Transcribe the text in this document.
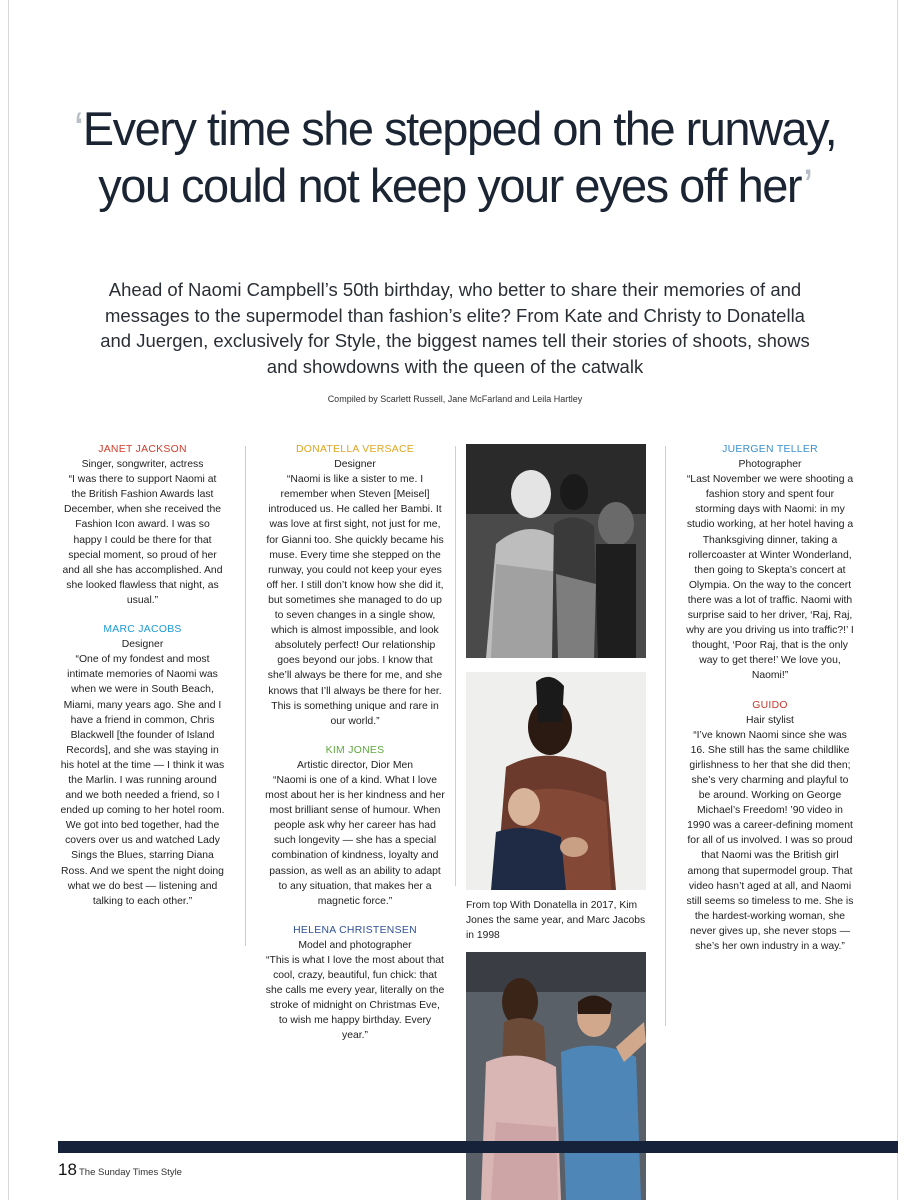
‘Every time she stepped on the runway, you could not keep your eyes off her’

Ahead of Naomi Campbell’s 50th birthday, who better to share their memories of and messages to the supermodel than fashion’s elite? From Kate and Christy to Donatella and Juergen, exclusively for Style, the biggest names tell their stories of shoots, shows and showdowns with the queen of the catwalk

Compiled by Scarlett Russell, Jane McFarland and Leila Hartley

JANET JACKSON

Singer, songwriter, actress

“I was there to support Naomi at the British Fashion Awards last December, when she received the Fashion Icon award. I was so happy I could be there for that special moment, so proud of her and all she has accomplished. And she looked flawless that night, as usual.”

MARC JACOBS

Designer

“One of my fondest and most intimate memories of Naomi was when we were in South Beach, Miami, many years ago. She and I have a friend in common, Chris Blackwell [the founder of Island Records], and she was staying in his hotel at the time — I think it was the Marlin. I was running around and we both needed a friend, so I ended up coming to her hotel room. We got into bed together, had the covers over us and watched Lady Sings the Blues, starring Diana Ross. And we spent the night doing what we do best — listening and talking to each other.”

DONATELLA VERSACE

Designer

“Naomi is like a sister to me. I remember when Steven [Meisel] introduced us. He called her Bambi. It was love at first sight, not just for me, for Gianni too. She quickly became his muse. Every time she stepped on the runway, you could not keep your eyes off her. I still don’t know how she did it, but sometimes she managed to do up to seven changes in a single show, which is almost impossible, and look absolutely perfect! Our relationship goes beyond our jobs. I know that she’ll always be there for me, and she knows that I’ll always be there for her. This is something unique and rare in our world.”

KIM JONES

Artistic director, Dior Men

“Naomi is one of a kind. What I love most about her is her kindness and her most brilliant sense of humour. When people ask why her career has had such longevity — she has a special combination of kindness, loyalty and passion, as well as an ability to adapt to any situation, that makes her a magnetic force.”

HELENA CHRISTENSEN

Model and photographer

“This is what I love the most about that cool, crazy, beautiful, fun chick: that she calls me every year, literally on the stroke of midnight on Christmas Eve, to wish me happy birthday. Every year.”

From top With Donatella in 2017, Kim Jones the same year, and Marc Jacobs in 1998

JUERGEN TELLER

Photographer

“Last November we were shooting a fashion story and spent four storming days with Naomi: in my studio working, at her hotel having a Thanksgiving dinner, taking a rollercoaster at Winter Wonderland, then going to Skepta’s concert at Olympia. On the way to the concert there was a lot of traffic. Naomi with surprise said to her driver, ‘Raj, Raj, why are you driving us into traffic?!’ I thought, ‘Poor Raj, that is the only way to get there!’ We love you, Naomi!”

GUIDO

Hair stylist

“I’ve known Naomi since she was 16. She still has the same childlike girlishness to her that she did then; she’s very charming and playful to be around. Working on George Michael’s Freedom! ’90 video in 1990 was a career-defining moment for all of us involved. I was so proud that Naomi was the British girl among that supermodel group. That video hasn’t aged at all, and Naomi still seems so timeless to me. She is the hardest-working woman, she never gives up, she never stops — she’s her own industry in a way.”

18 The Sunday Times Style
